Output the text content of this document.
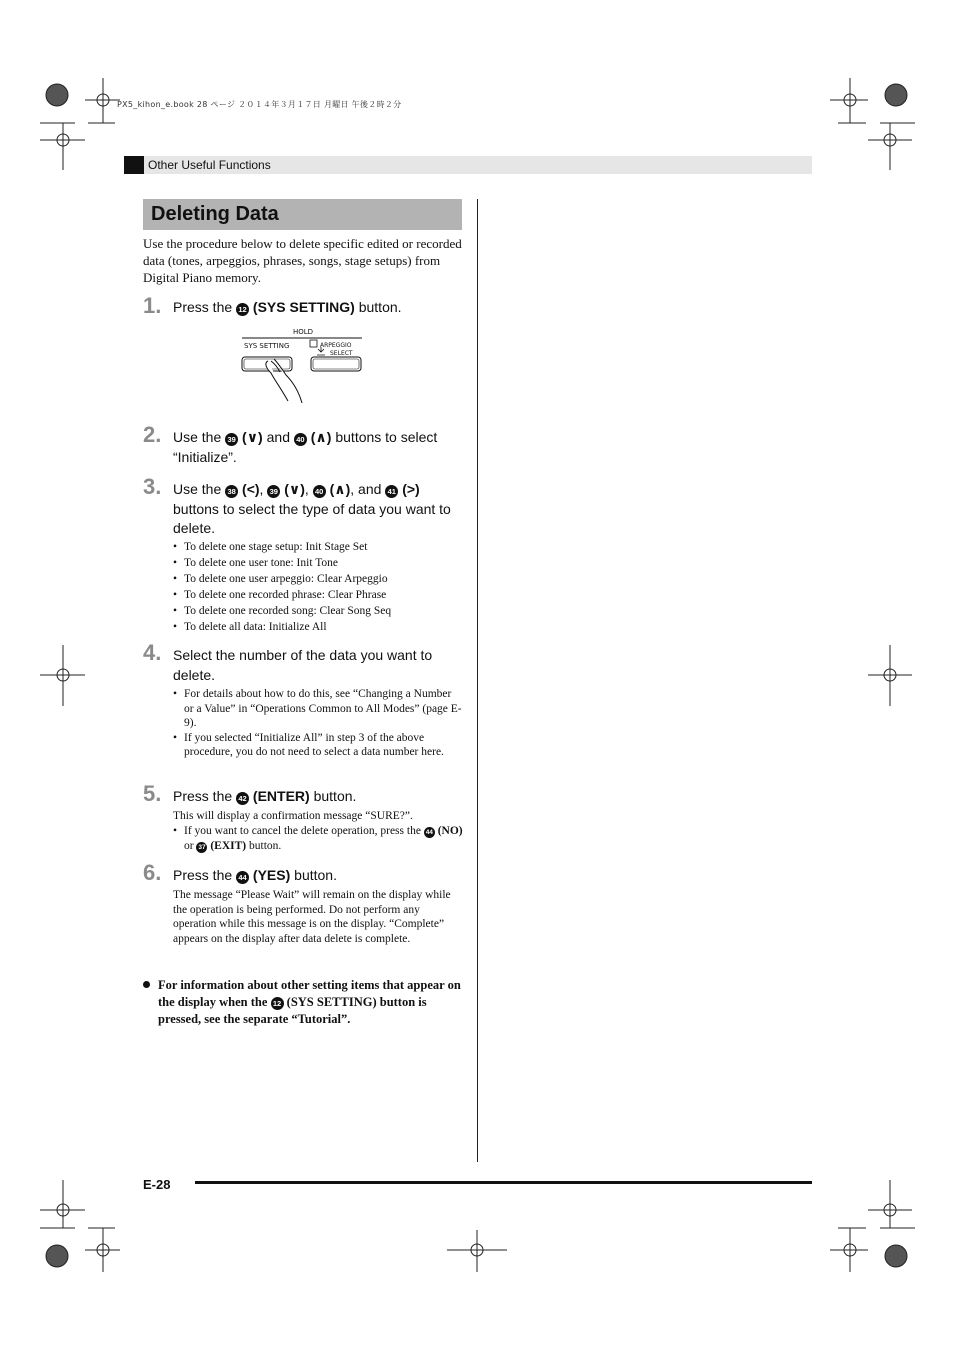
PX5_kihon_e.book 28 ページ ２０１４年３月１７日 月曜日 午後２時２分
Other Useful Functions
Deleting Data
Use the procedure below to delete specific edited or recorded data (tones, arpeggios, phrases, songs, stage setups) from Digital Piano memory.
1. Press the 12 (SYS SETTING) button.
HOLD
SYS SETTING	ARPEGGIO
SELECT
2. Use the 39 (∨) and 40 (∧) buttons to select “Initialize”.
3. Use the 38 (<), 39 (∨), 40 (∧), and 41 (>) buttons to select the type of data you want to delete.
• To delete one stage setup: Init Stage Set
• To delete one user tone: Init Tone
• To delete one user arpeggio: Clear Arpeggio
• To delete one recorded phrase: Clear Phrase
• To delete one recorded song: Clear Song Seq
• To delete all data: Initialize All
4. Select the number of the data you want to delete.
• For details about how to do this, see “Changing a Number or a Value” in “Operations Common to All Modes” (page E-9).
• If you selected “Initialize All” in step 3 of the above procedure, you do not need to select a data number here.
5. Press the 42 (ENTER) button.
This will display a confirmation message “SURE?”.
• If you want to cancel the delete operation, press the 44 (NO) or 37 (EXIT) button.
6. Press the 44 (YES) button.
The message “Please Wait” will remain on the display while the operation is being performed. Do not perform any operation while this message is on the display. “Complete” appears on the display after data delete is complete.
For information about other setting items that appear on the display when the 12 (SYS SETTING) button is pressed, see the separate “Tutorial”.
E-28
